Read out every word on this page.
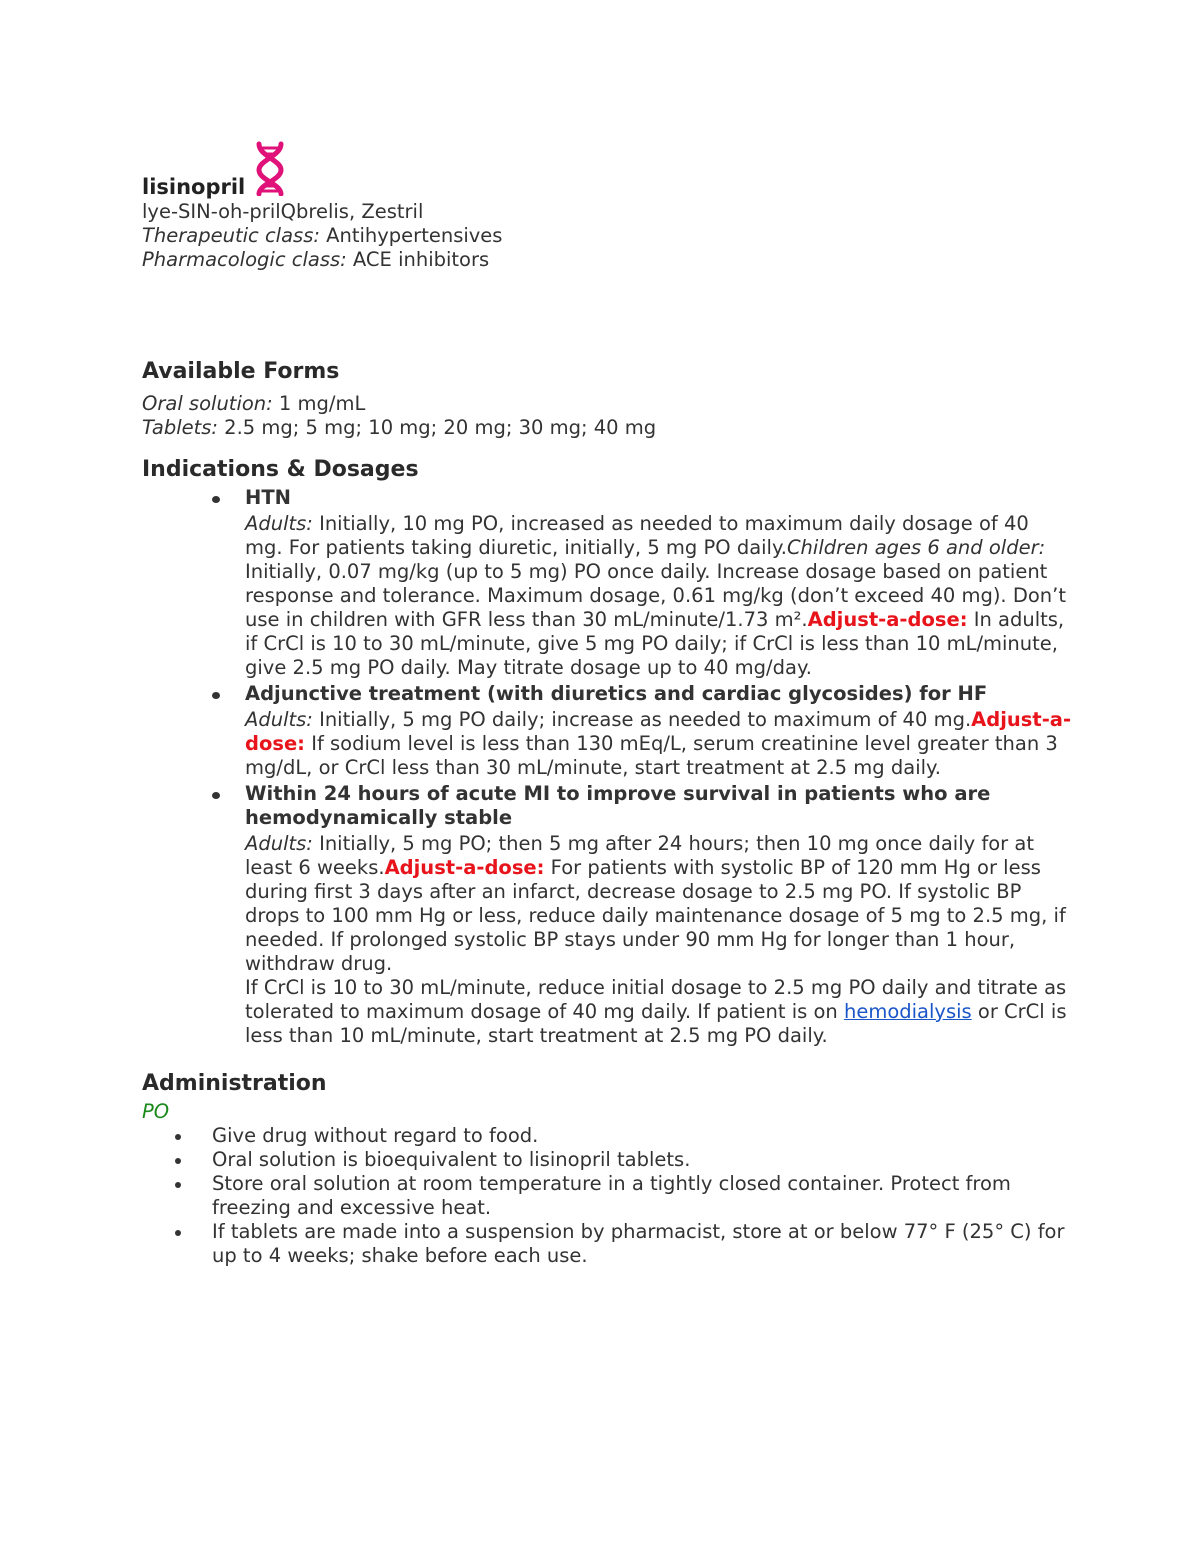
lisinopril

lye-SIN-oh-prilQbrelis, Zestril

Therapeutic class: Antihypertensives

Pharmacologic class: ACE inhibitors

Available Forms

Oral solution: 1 mg/mL

Tablets: 2.5 mg; 5 mg; 10 mg; 20 mg; 30 mg; 40 mg

Indications & Dosages
HTN
Adults: Initially, 10 mg PO, increased as needed to maximum daily dosage of 40 mg. For patients taking diuretic, initially, 5 mg PO daily.Children ages 6 and older: Initially, 0.07 mg/kg (up to 5 mg) PO once daily. Increase dosage based on patient response and tolerance. Maximum dosage, 0.61 mg/kg (don’t exceed 40 mg). Don’t use in children with GFR less than 30 mL/minute/1.73 m².Adjust-a-dose: In adults, if CrCl is 10 to 30 mL/minute, give 5 mg PO daily; if CrCl is less than 10 mL/minute, give 2.5 mg PO daily. May titrate dosage up to 40 mg/day.
Adjunctive treatment (with diuretics and cardiac glycosides) for HF
Adults: Initially, 5 mg PO daily; increase as needed to maximum of 40 mg.Adjust-a-dose: If sodium level is less than 130 mEq/L, serum creatinine level greater than 3 mg/dL, or CrCl less than 30 mL/minute, start treatment at 2.5 mg daily.
Within 24 hours of acute MI to improve survival in patients who are hemodynamically stable
Adults: Initially, 5 mg PO; then 5 mg after 24 hours; then 10 mg once daily for at least 6 weeks.Adjust-a-dose: For patients with systolic BP of 120 mm Hg or less during first 3 days after an infarct, decrease dosage to 2.5 mg PO. If systolic BP drops to 100 mm Hg or less, reduce daily maintenance dosage of 5 mg to 2.5 mg, if needed. If prolonged systolic BP stays under 90 mm Hg for longer than 1 hour, withdraw drug.
If CrCl is 10 to 30 mL/minute, reduce initial dosage to 2.5 mg PO daily and titrate as tolerated to maximum dosage of 40 mg daily. If patient is on hemodialysis or CrCl is less than 10 mL/minute, start treatment at 2.5 mg PO daily.
Administration
PO
Give drug without regard to food.
Oral solution is bioequivalent to lisinopril tablets.
Store oral solution at room temperature in a tightly closed container. Protect from freezing and excessive heat.
If tablets are made into a suspension by pharmacist, store at or below 77° F (25° C) for up to 4 weeks; shake before each use.
